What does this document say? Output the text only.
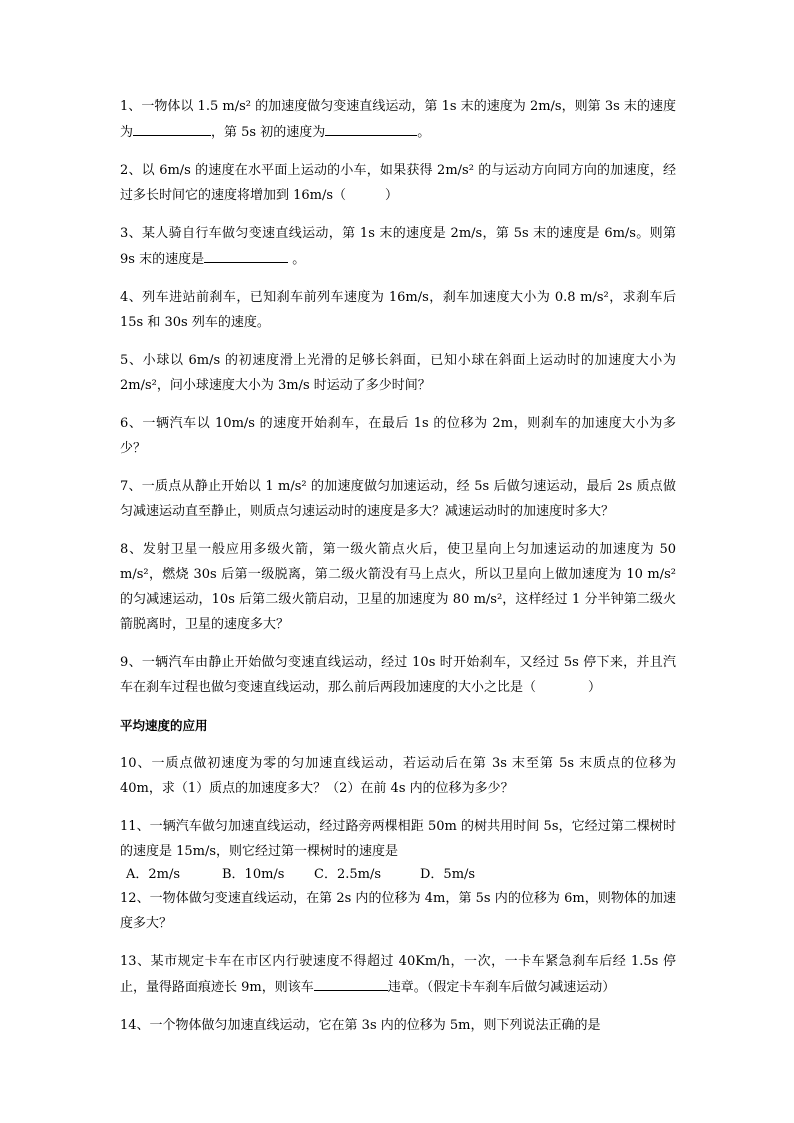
1、一物体以 1.5 m/s² 的加速度做匀变速直线运动，第 1s 末的速度为 2m/s，则第 3s 末的速度为	，第 5s 初的速度为	。

2、以 6m/s 的速度在水平面上运动的小车，如果获得 2m/s² 的与运动方向同方向的加速度，经过多长时间它的速度将增加到 16m/s（　　　）

3、某人骑自行车做匀变速直线运动，第 1s 末的速度是 2m/s，第 5s 末的速度是 6m/s。则第 9s 末的速度是	。

4、列车进站前刹车，已知刹车前列车速度为 16m/s，刹车加速度大小为 0.8 m/s²，求刹车后 15s 和 30s 列车的速度。

5、小球以 6m/s 的初速度滑上光滑的足够长斜面，已知小球在斜面上运动时的加速度大小为 2m/s²，问小球速度大小为 3m/s 时运动了多少时间？

6、一辆汽车以 10m/s 的速度开始刹车，在最后 1s 的位移为 2m，则刹车的加速度大小为多少？

7、一质点从静止开始以 1 m/s² 的加速度做匀加速运动，经 5s 后做匀速运动，最后 2s 质点做匀减速运动直至静止，则质点匀速运动时的速度是多大？减速运动时的加速度时多大？

8、发射卫星一般应用多级火箭，第一级火箭点火后，使卫星向上匀加速运动的加速度为 50 m/s²，燃烧 30s 后第一级脱离，第二级火箭没有马上点火，所以卫星向上做加速度为 10 m/s² 的匀减速运动，10s 后第二级火箭启动，卫星的加速度为 80 m/s²，这样经过 1 分半钟第二级火箭脱离时，卫星的速度多大？

9、一辆汽车由静止开始做匀变速直线运动，经过 10s 时开始刹车，又经过 5s 停下来，并且汽车在刹车过程也做匀变速直线运动，那么前后两段加速度的大小之比是（　　　　）

平均速度的应用

10、一质点做初速度为零的匀加速直线运动，若运动后在第 3s 末至第 5s 末质点的位移为 40m，求（1）质点的加速度多大？（2）在前 4s 内的位移为多少？

11、一辆汽车做匀加速直线运动，经过路旁两棵相距 50m 的树共用时间 5s，它经过第二棵树时的速度是 15m/s，则它经过第一棵树时的速度是

A．2m/s	B．10m/s	C．2.5m/s	D．5m/s

12、一物体做匀变速直线运动，在第 2s 内的位移为 4m，第 5s 内的位移为 6m，则物体的加速度多大？

13、某市规定卡车在市区内行驶速度不得超过 40Km/h，一次，一卡车紧急刹车后经 1.5s 停止，量得路面痕迹长 9m，则该车	违章。（假定卡车刹车后做匀减速运动）

14、一个物体做匀加速直线运动，它在第 3s 内的位移为 5m，则下列说法正确的是
